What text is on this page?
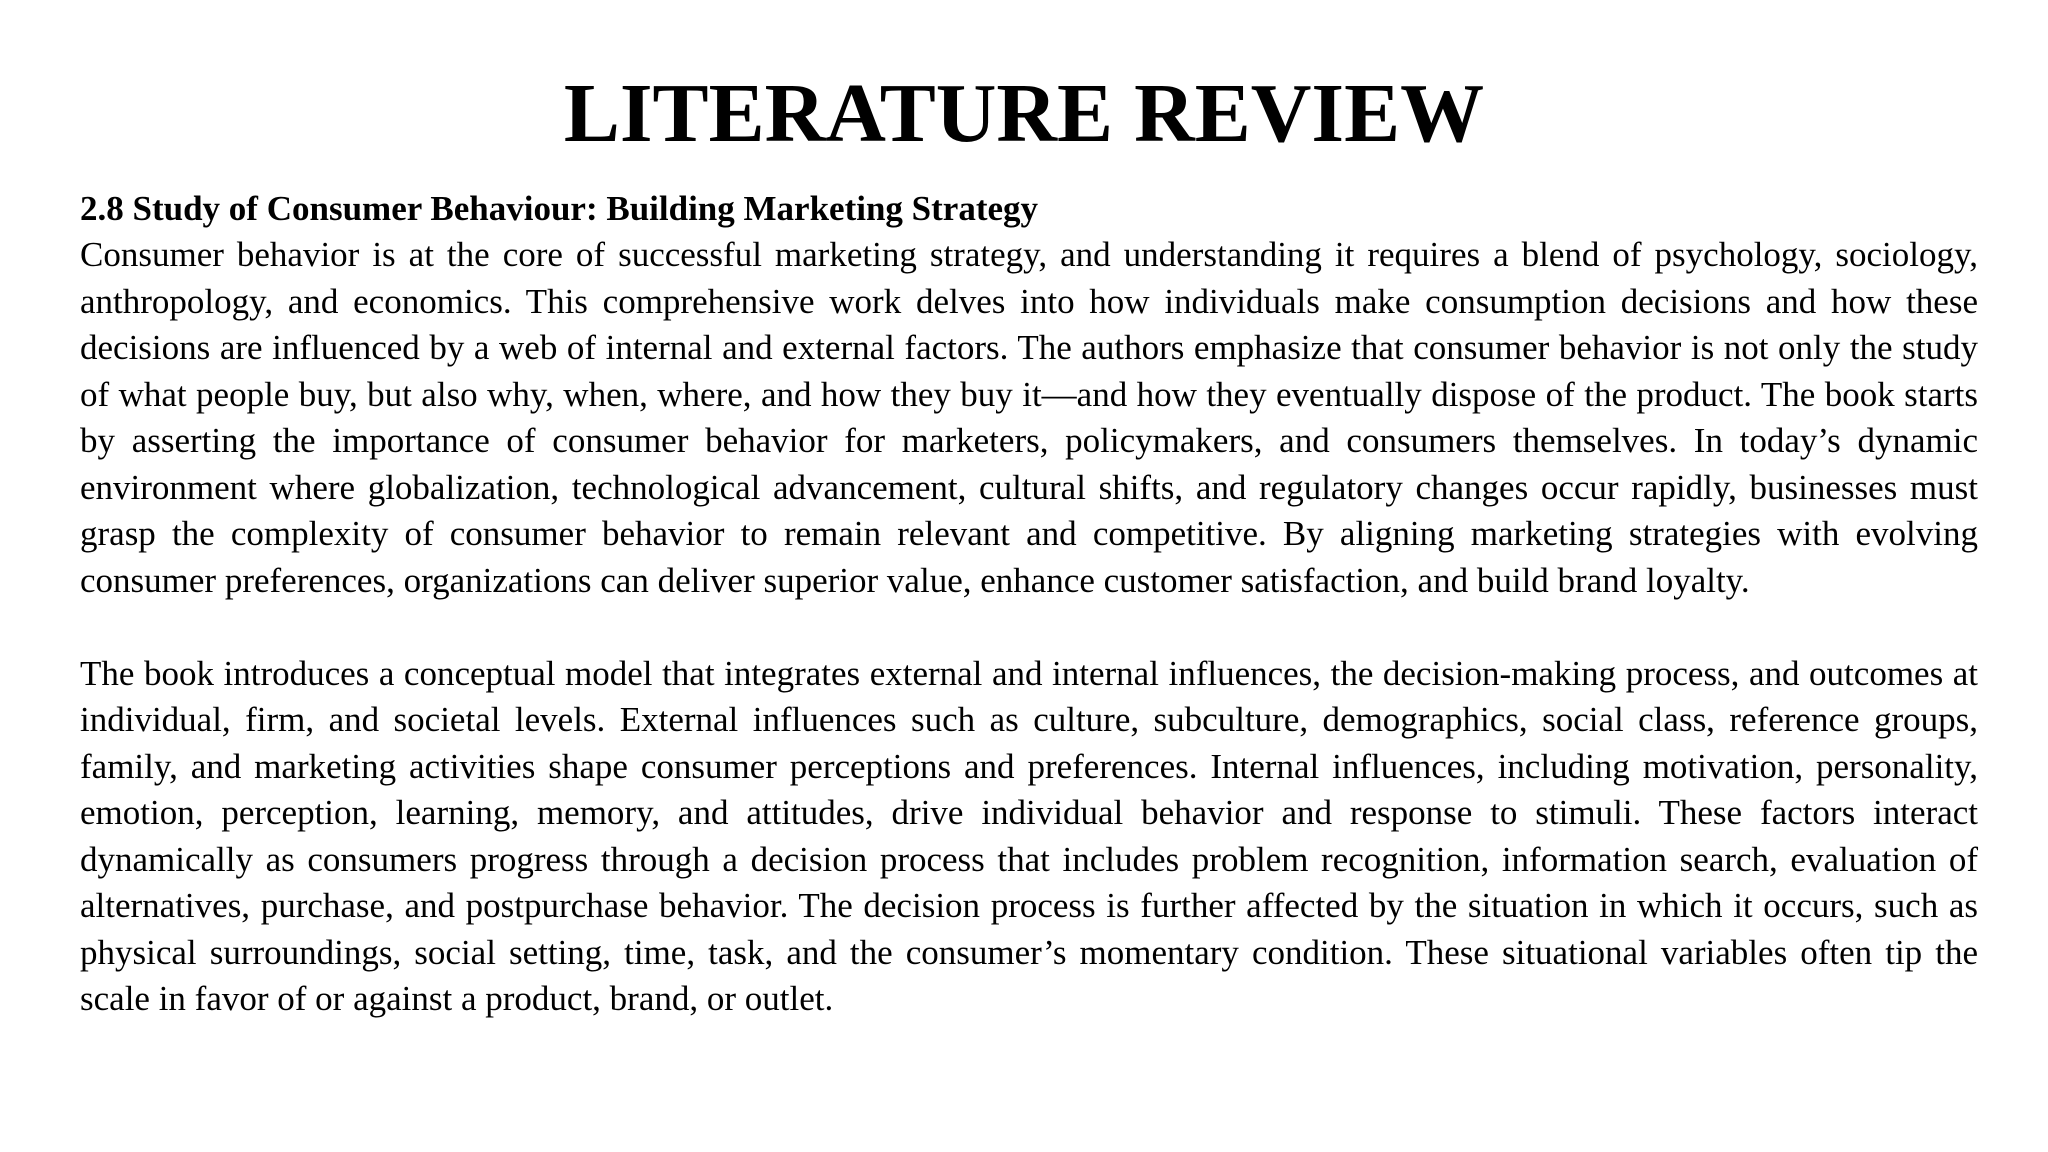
LITERATURE REVIEW

2.8 Study of Consumer Behaviour: Building Marketing Strategy

Consumer behavior is at the core of successful marketing strategy, and understanding it requires a blend of psychology, sociology, anthropology, and economics. This comprehensive work delves into how individuals make consumption decisions and how these decisions are influenced by a web of internal and external factors. The authors emphasize that consumer behavior is not only the study of what people buy, but also why, when, where, and how they buy it—and how they eventually dispose of the product. The book starts by asserting the importance of consumer behavior for marketers, policymakers, and consumers themselves. In today’s dynamic environment where globalization, technological advancement, cultural shifts, and regulatory changes occur rapidly, businesses must grasp the complexity of consumer behavior to remain relevant and competitive. By aligning marketing strategies with evolving consumer preferences, organizations can deliver superior value, enhance customer satisfaction, and build brand loyalty.

The book introduces a conceptual model that integrates external and internal influences, the decision-making process, and outcomes at individual, firm, and societal levels. External influences such as culture, subculture, demographics, social class, reference groups, family, and marketing activities shape consumer perceptions and preferences. Internal influences, including motivation, personality, emotion, perception, learning, memory, and attitudes, drive individual behavior and response to stimuli. These factors interact dynamically as consumers progress through a decision process that includes problem recognition, information search, evaluation of alternatives, purchase, and postpurchase behavior. The decision process is further affected by the situation in which it occurs, such as physical surroundings, social setting, time, task, and the consumer’s momentary condition. These situational variables often tip the scale in favor of or against a product, brand, or outlet.
